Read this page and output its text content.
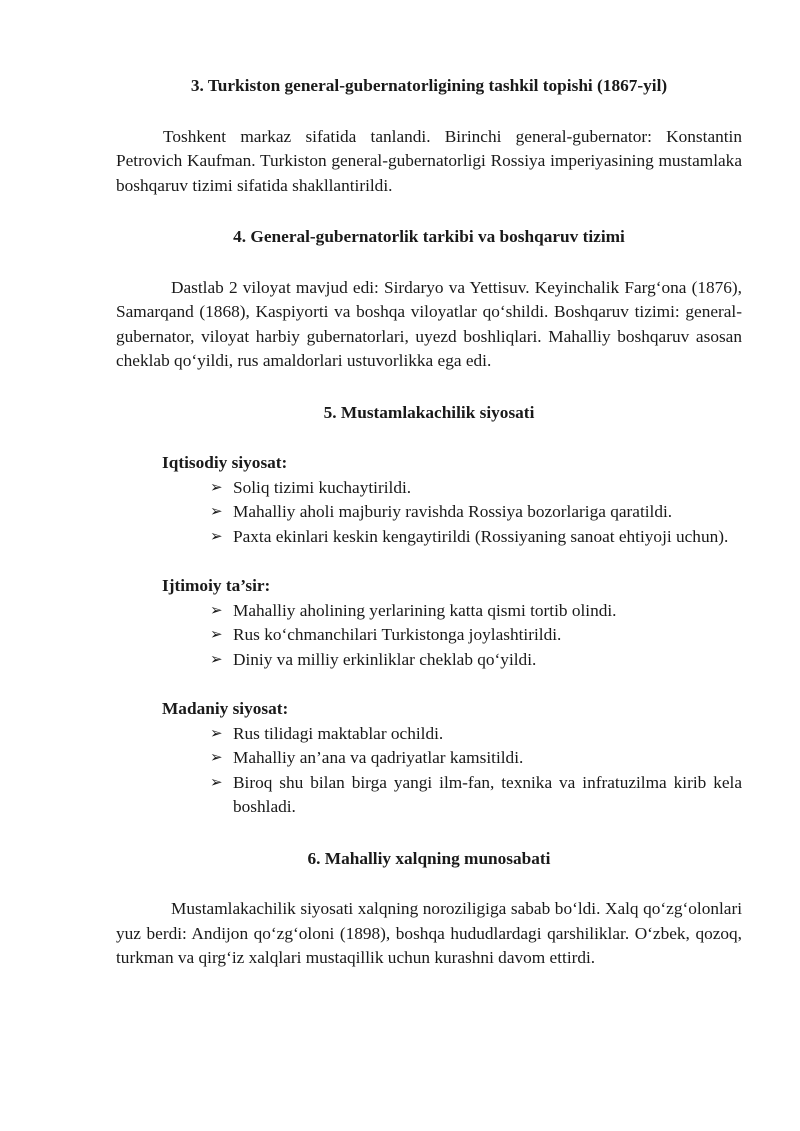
3. Turkiston general-gubernatorligining tashkil topishi (1867-yil)

Toshkent markaz sifatida tanlandi. Birinchi general-gubernator: Konstantin Petrovich Kaufman. Turkiston general-gubernatorligi Rossiya imperiyasining mustamlaka boshqaruv tizimi sifatida shakllantirildi.

4. General-gubernatorlik tarkibi va boshqaruv tizimi

Dastlab 2 viloyat mavjud edi: Sirdaryo va Yettisuv. Keyinchalik Farg‘ona (1876), Samarqand (1868), Kaspiyorti va boshqa viloyatlar qo‘shildi. Boshqaruv tizimi: general-gubernator, viloyat harbiy gubernatorlari, uyezd boshliqlari. Mahalliy boshqaruv asosan cheklab qo‘yildi, rus amaldorlari ustuvorlikka ega edi.

5. Mustamlakachilik siyosati
Iqtisodiy siyosat:
➢ Soliq tizimi kuchaytirildi.
➢ Mahalliy aholi majburiy ravishda Rossiya bozorlariga qaratildi.
➢ Paxta ekinlari keskin kengaytirildi (Rossiyaning sanoat ehtiyoji uchun).
Ijtimoiy ta’sir:
➢ Mahalliy aholining yerlarining katta qismi tortib olindi.
➢ Rus ko‘chmanchilari Turkistonga joylashtirildi.
➢ Diniy va milliy erkinliklar cheklab qo‘yildi.
Madaniy siyosat:
➢ Rus tilidagi maktablar ochildi.
➢ Mahalliy an’ana va qadriyatlar kamsitildi.
➢ Biroq shu bilan birga yangi ilm-fan, texnika va infratuzilma kirib kela boshladi.
6. Mahalliy xalqning munosabati

Mustamlakachilik siyosati xalqning noroziligiga sabab bo‘ldi. Xalq qo‘zg‘olonlari yuz berdi: Andijon qo‘zg‘oloni (1898), boshqa hududlardagi qarshiliklar. O‘zbek, qozoq, turkman va qirg‘iz xalqlari mustaqillik uchun kurashni davom ettirdi.
